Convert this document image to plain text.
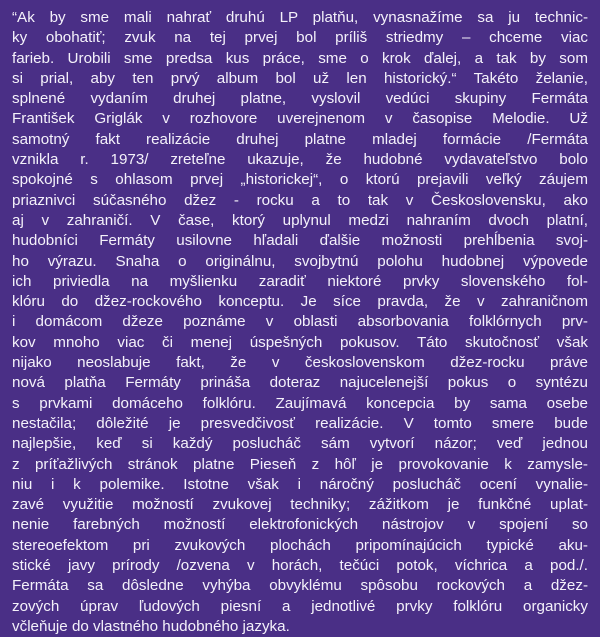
“Ak by sme mali nahrať druhú LP platňu, vynasnažíme sa ju technic-
ky obohatiť; zvuk na tej prvej bol príliš striedmy – chceme viac
farieb. Urobili sme predsa kus práce, sme o krok ďalej, a tak by som
si prial, aby ten prvý album bol už len historický.“ Takéto želanie,
splnené vydaním druhej platne, vyslovil vedúci skupiny Fermáta
František Griglák v rozhovore uverejnenom v časopise Melodie. Už
samotný fakt realizácie druhej platne mladej formácie /Fermáta
vznikla r. 1973/ zreteľne ukazuje, že hudobné vydavateľstvo bolo
spokojné s ohlasom prvej „historickej“, o ktorú prejavili veľký záujem
priaznivci súčasného džez - rocku a to tak v Československu, ako
aj v zahraničí. V čase, ktorý uplynul medzi nahraním dvoch platní,
hudobníci Fermáty usilovne hľadali ďalšie možnosti prehĺbenia svoj-
ho výrazu. Snaha o originálnu, svojbytnú polohu hudobnej výpovede
ich priviedla na myšlienku zaradiť niektoré prvky slovenského fol-
klóru do džez-rockového konceptu. Je síce pravda, že v zahraničnom
i domácom džeze poznáme v oblasti absorbovania folklórnych prv-
kov mnoho viac či menej úspešných pokusov. Táto skutočnosť však
nijako neoslabuje fakt, že v československom džez-rocku práve
nová platňa Fermáty prináša doteraz najucelenejší pokus o syntézu
s prvkami domáceho folklóru. Zaujímavá koncepcia by sama osebe
nestačila; dôležité je presvedčivosť realizácie. V tomto smere bude
najlepšie, keď si každý poslucháč sám vytvorí názor; veď jednou
z príťažlivých stránok platne Pieseň z hôľ je provokovanie k zamysle-
niu i k polemike. Istotne však i náročný poslucháč ocení vynalie-
zavé využitie možností zvukovej techniky; zážitkom je funkčné uplat-
nenie farebných možností elektrofonických nástrojov v spojení so
stereoefektom pri zvukových plochách pripomínajúcich typické aku-
stické javy prírody /ozvena v horách, tečúci potok, víchrica a pod./.
Fermáta sa dôsledne vyhýba obvyklému spôsobu rockových a džez-
zových úprav ľudových piesní a jednotlivé prvky folklóru organicky
včleňuje do vlastného hudobného jazyka.
